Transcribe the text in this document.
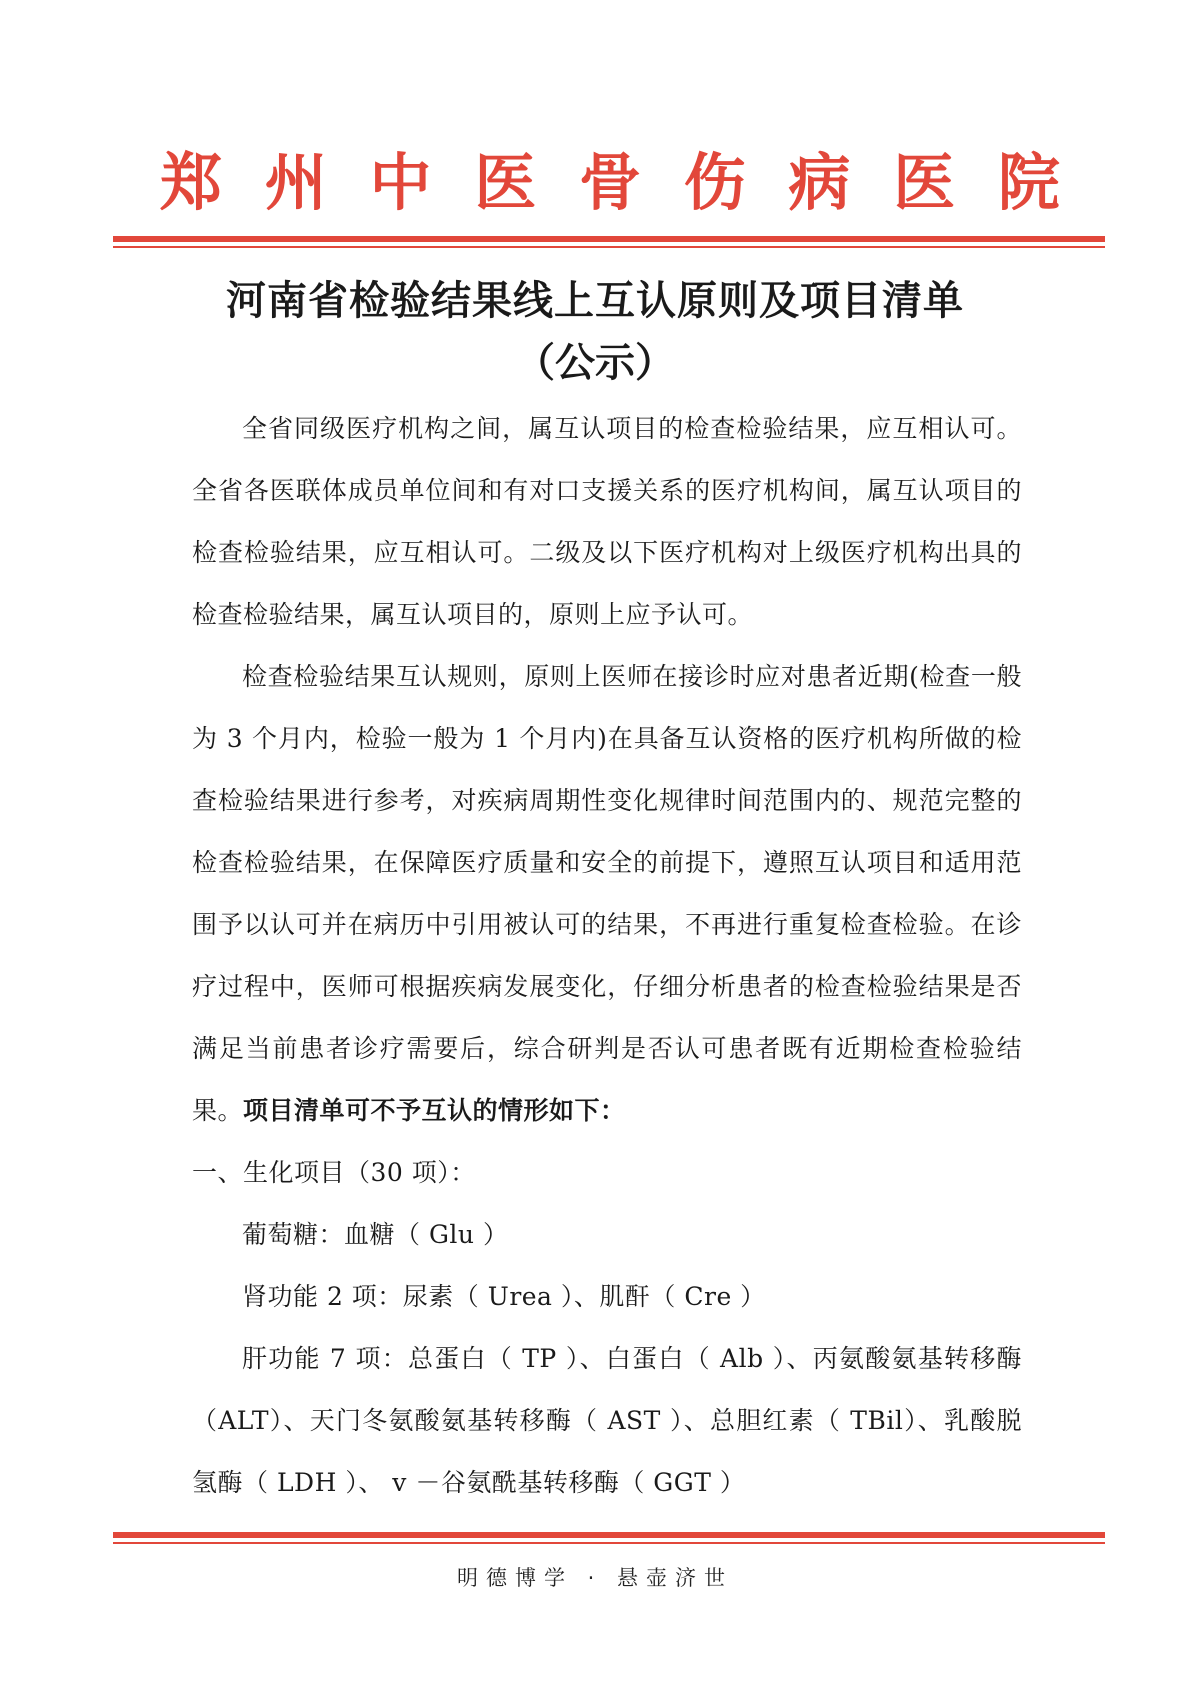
郑 州 中 医 骨 伤 病 医 院
河南省检验结果线上互认原则及项目清单
（公示）

全省同级医疗机构之间，属互认项目的检查检验结果，应互相认可。全省各医联体成员单位间和有对口支援关系的医疗机构间，属互认项目的检查检验结果，应互相认可。二级及以下医疗机构对上级医疗机构出具的检查检验结果，属互认项目的，原则上应予认可。

检查检验结果互认规则，原则上医师在接诊时应对患者近期(检查一般为 3 个月内，检验一般为 1 个月内)在具备互认资格的医疗机构所做的检查检验结果进行参考，对疾病周期性变化规律时间范围内的、规范完整的检查检验结果，在保障医疗质量和安全的前提下，遵照互认项目和适用范围予以认可并在病历中引用被认可的结果，不再进行重复检查检验。在诊疗过程中，医师可根据疾病发展变化，仔细分析患者的检查检验结果是否满足当前患者诊疗需要后，综合研判是否认可患者既有近期检查检验结果。项目清单可不予互认的情形如下：

一、生化项目（30 项）：

葡萄糖：血糖（ Glu ）

肾功能 2 项：尿素（ Urea ）、肌酐（ Cre ）

肝功能 7 项：总蛋白（ TP ）、白蛋白（ Alb ）、丙氨酸氨基转移酶（ALT）、天门冬氨酸氨基转移酶（ AST ）、总胆红素（ TBil）、乳酸脱氢酶（ LDH ）、 v －谷氨酰基转移酶（ GGT ）

明德博学 · 悬壶济世
